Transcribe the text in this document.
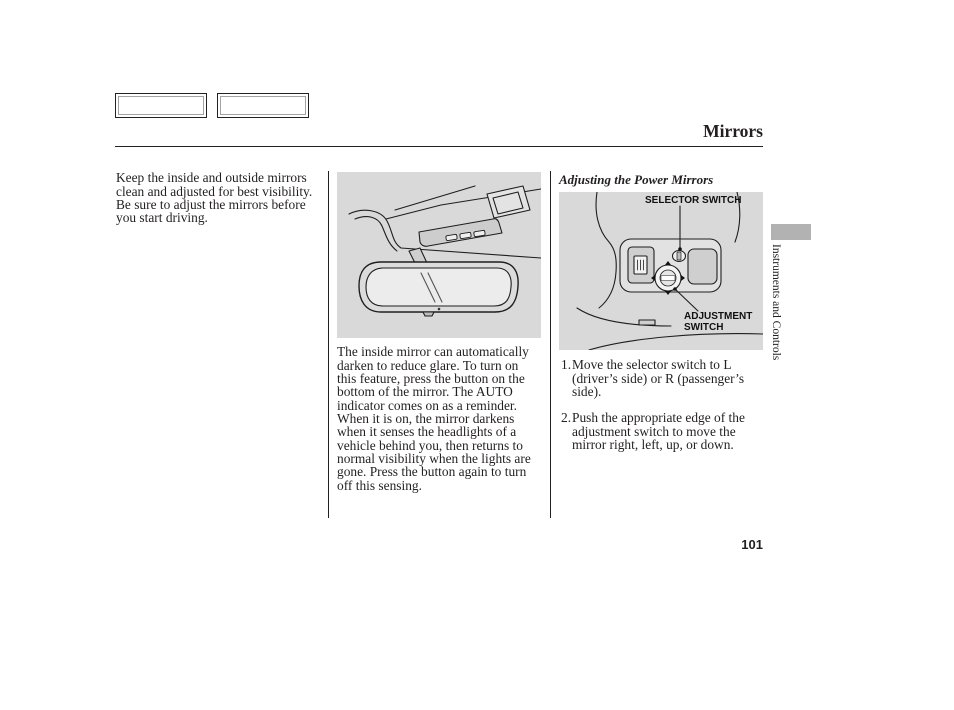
Mirrors
Keep the inside and outside mirrors
clean and adjusted for best visibility.
Be sure to adjust the mirrors before
you start driving.
The inside mirror can automatically
darken to reduce glare. To turn on
this feature, press the button on the
bottom of the mirror. The AUTO
indicator comes on as a reminder.
When it is on, the mirror darkens
when it senses the headlights of a
vehicle behind you, then returns to
normal visibility when the lights are
gone. Press the button again to turn
off this sensing.
Adjusting the Power Mirrors
SELECTOR SWITCH
ADJUSTMENT
SWITCH
1. Move the selector switch to L
(driver’s side) or R (passenger’s
side).
2. Push the appropriate edge of the
adjustment switch to move the
mirror right, left, up, or down.
Instruments and Controls
101
